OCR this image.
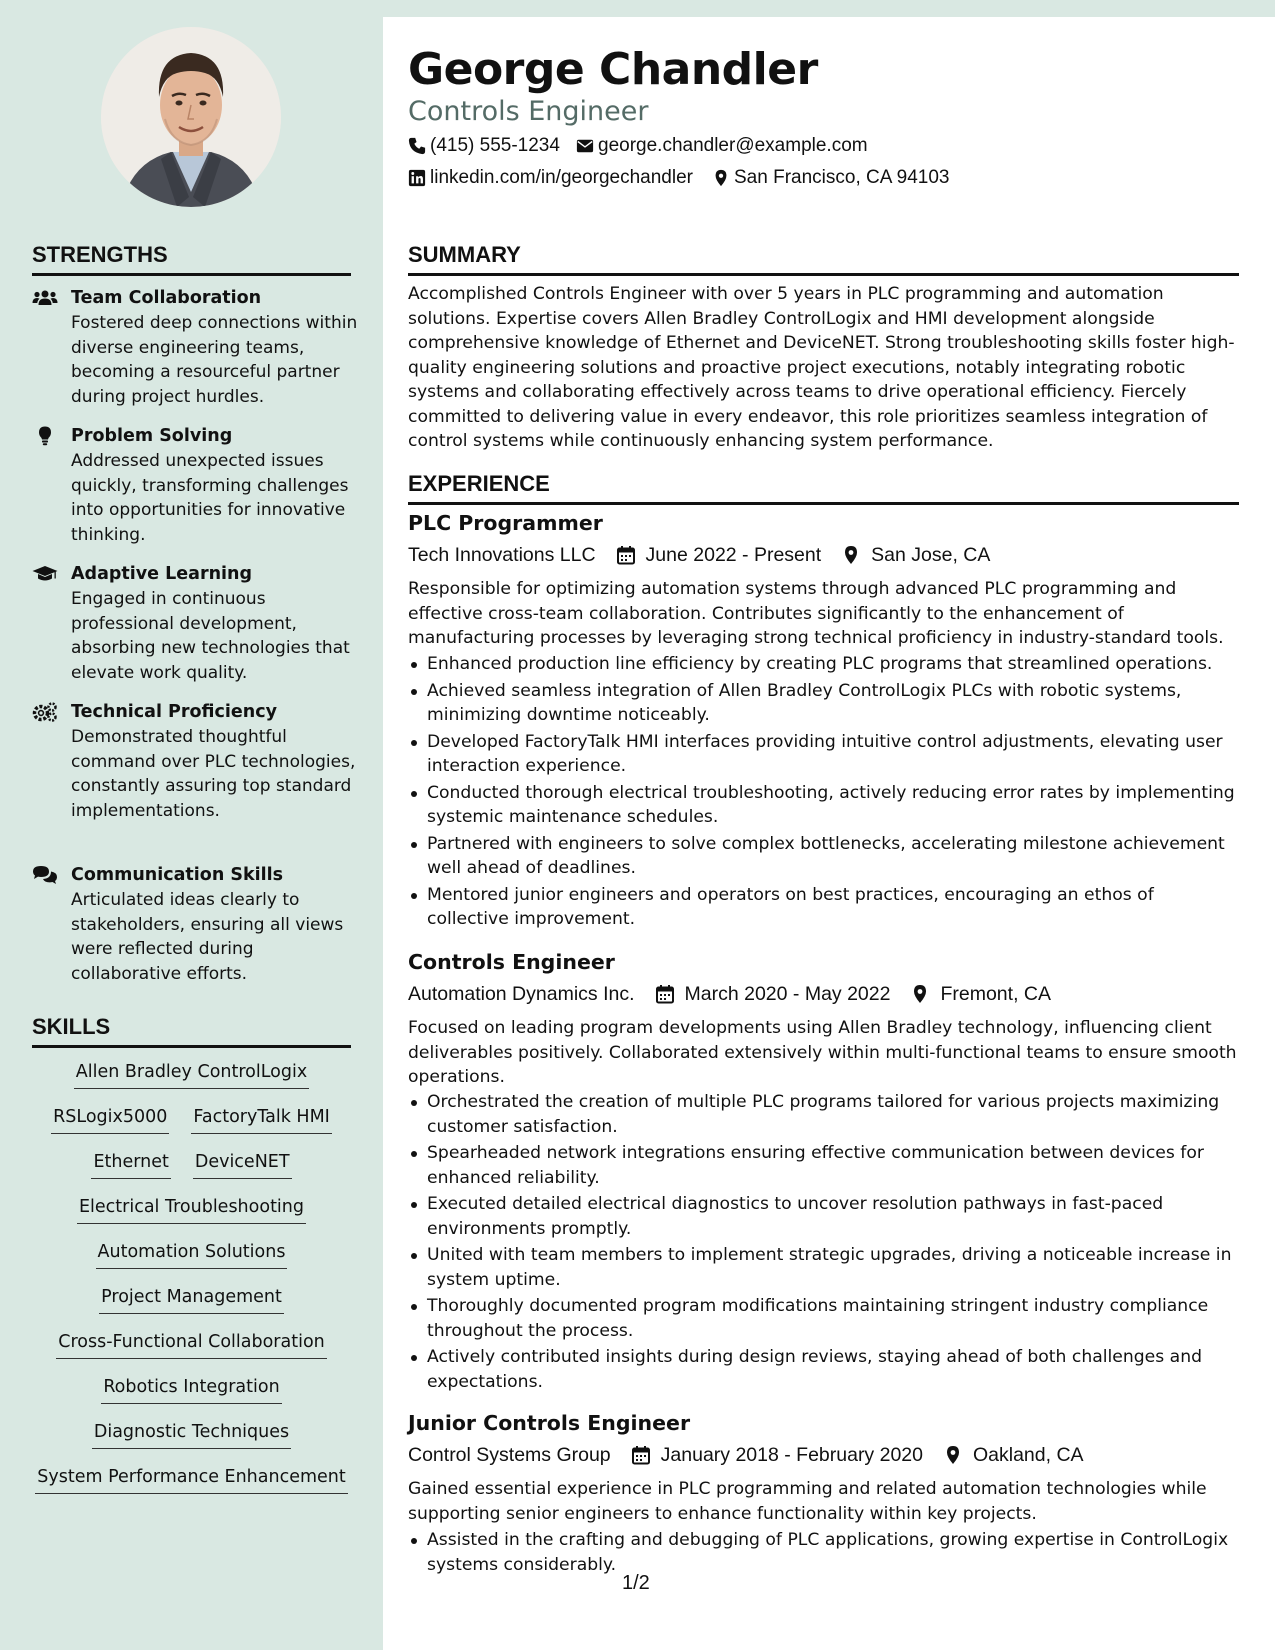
George Chandler
Controls Engineer
(415) 555-1234 george.chandler@example.com
linkedin.com/in/georgechandler San Francisco, CA 94103
STRENGTHS
Team Collaboration
Fostered deep connections within diverse engineering teams, becoming a resourceful partner during project hurdles.
Problem Solving
Addressed unexpected issues quickly, transforming challenges into opportunities for innovative thinking.
Adaptive Learning
Engaged in continuous professional development, absorbing new technologies that elevate work quality.
Technical Proficiency
Demonstrated thoughtful command over PLC technologies, constantly assuring top standard implementations.
Communication Skills
Articulated ideas clearly to stakeholders, ensuring all views were reflected during collaborative efforts.
SKILLS
Allen Bradley ControlLogix
RSLogix5000 FactoryTalk HMI
Ethernet DeviceNET
Electrical Troubleshooting
Automation Solutions
Project Management
Cross-Functional Collaboration
Robotics Integration
Diagnostic Techniques
System Performance Enhancement
SUMMARY
Accomplished Controls Engineer with over 5 years in PLC programming and automation solutions. Expertise covers Allen Bradley ControlLogix and HMI development alongside comprehensive knowledge of Ethernet and DeviceNET. Strong troubleshooting skills foster high-quality engineering solutions and proactive project executions, notably integrating robotic systems and collaborating effectively across teams to drive operational efficiency. Fiercely committed to delivering value in every endeavor, this role prioritizes seamless integration of control systems while continuously enhancing system performance.
EXPERIENCE
PLC Programmer
Tech Innovations LLC	June 2022 - Present	San Jose, CA
Responsible for optimizing automation systems through advanced PLC programming and effective cross-team collaboration. Contributes significantly to the enhancement of manufacturing processes by leveraging strong technical proficiency in industry-standard tools.
Enhanced production line efficiency by creating PLC programs that streamlined operations.
Achieved seamless integration of Allen Bradley ControlLogix PLCs with robotic systems, minimizing downtime noticeably.
Developed FactoryTalk HMI interfaces providing intuitive control adjustments, elevating user interaction experience.
Conducted thorough electrical troubleshooting, actively reducing error rates by implementing systemic maintenance schedules.
Partnered with engineers to solve complex bottlenecks, accelerating milestone achievement well ahead of deadlines.
Mentored junior engineers and operators on best practices, encouraging an ethos of collective improvement.
Controls Engineer
Automation Dynamics Inc.	March 2020 - May 2022	Fremont, CA
Focused on leading program developments using Allen Bradley technology, influencing client deliverables positively. Collaborated extensively within multi-functional teams to ensure smooth operations.
Orchestrated the creation of multiple PLC programs tailored for various projects maximizing customer satisfaction.
Spearheaded network integrations ensuring effective communication between devices for enhanced reliability.
Executed detailed electrical diagnostics to uncover resolution pathways in fast-paced environments promptly.
United with team members to implement strategic upgrades, driving a noticeable increase in system uptime.
Thoroughly documented program modifications maintaining stringent industry compliance throughout the process.
Actively contributed insights during design reviews, staying ahead of both challenges and expectations.
Junior Controls Engineer
Control Systems Group	January 2018 - February 2020	Oakland, CA
Gained essential experience in PLC programming and related automation technologies while supporting senior engineers to enhance functionality within key projects.
Assisted in the crafting and debugging of PLC applications, growing expertise in ControlLogix systems considerably.
1/2
